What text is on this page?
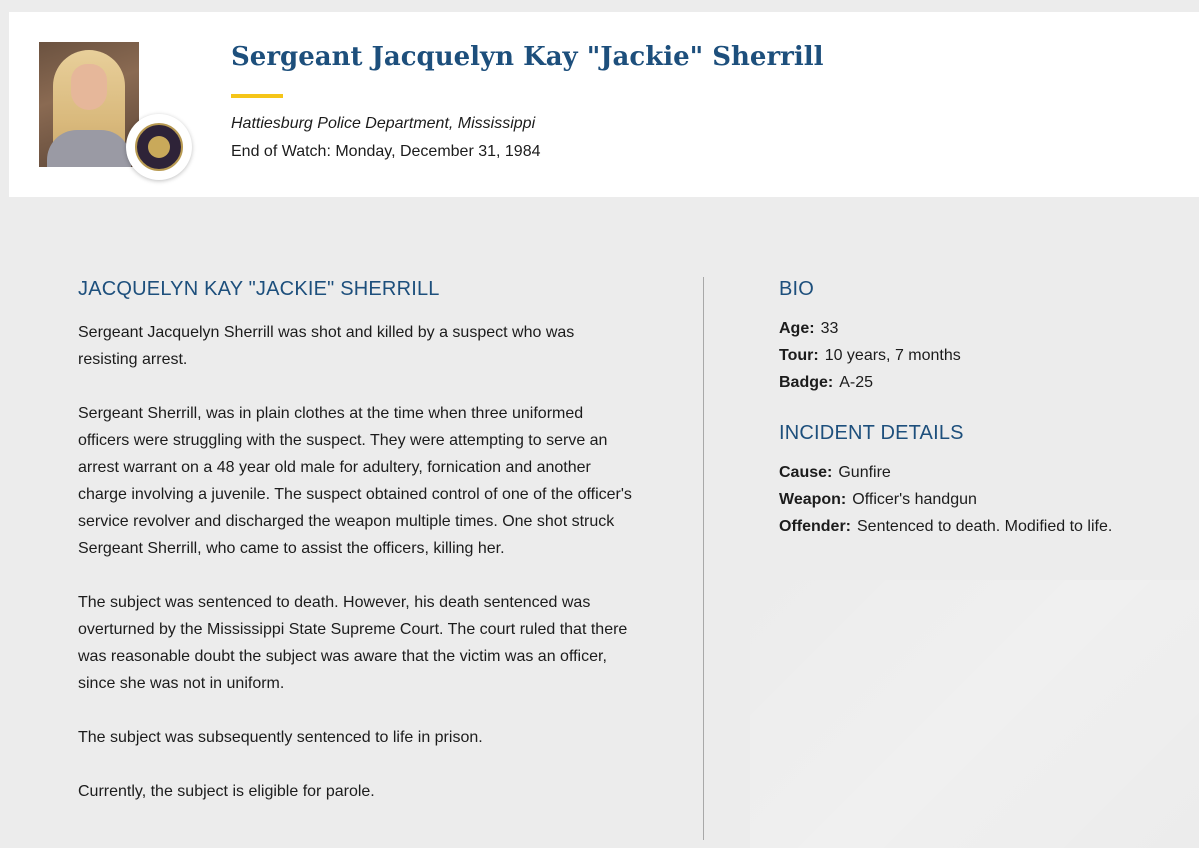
Sergeant Jacquelyn Kay "Jackie" Sherrill
Hattiesburg Police Department, Mississippi
End of Watch: Monday, December 31, 1984
JACQUELYN KAY "JACKIE" SHERRILL

Sergeant Jacquelyn Sherrill was shot and killed by a suspect who was resisting arrest.

Sergeant Sherrill, was in plain clothes at the time when three uniformed officers were struggling with the suspect. They were attempting to serve an arrest warrant on a 48 year old male for adultery, fornication and another charge involving a juvenile. The suspect obtained control of one of the officer's service revolver and discharged the weapon multiple times. One shot struck Sergeant Sherrill, who came to assist the officers, killing her.

The subject was sentenced to death. However, his death sentenced was overturned by the Mississippi State Supreme Court. The court ruled that there was reasonable doubt the subject was aware that the victim was an officer, since she was not in uniform.

The subject was subsequently sentenced to life in prison.

Currently, the subject is eligible for parole.

BIO
Age: 33
Tour: 10 years, 7 months
Badge: A-25
INCIDENT DETAILS
Cause: Gunfire
Weapon: Officer's handgun
Offender: Sentenced to death. Modified to life.
